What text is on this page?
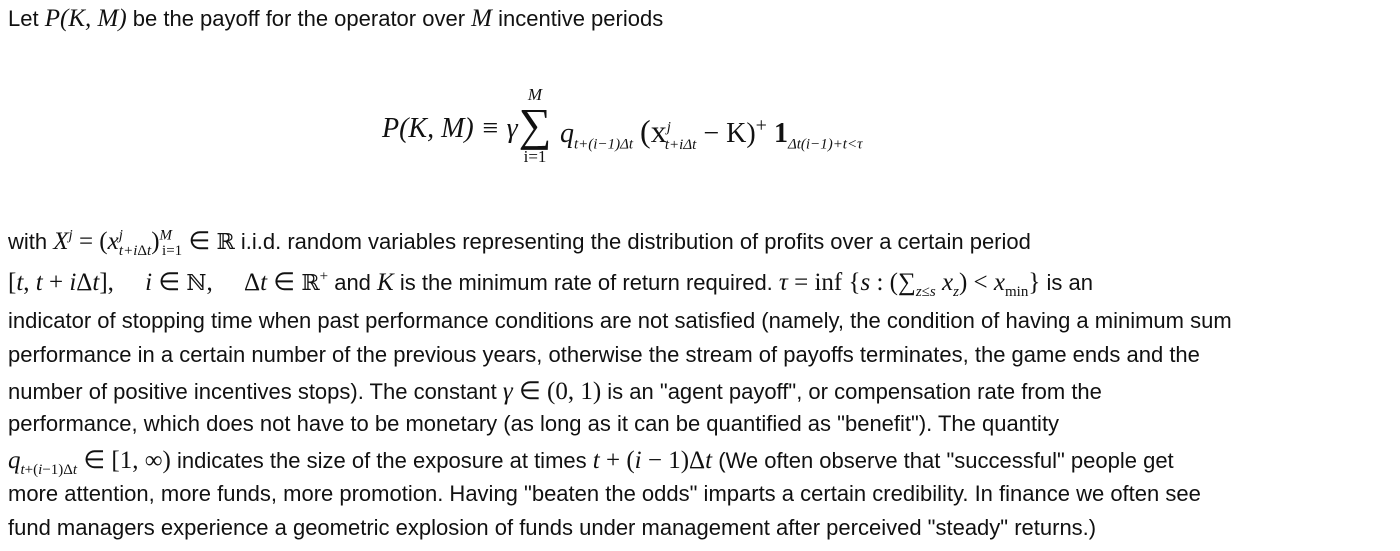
Let P(K, M) be the payoff for the operator over M incentive periods
P(K, M) ≡ γ
M
∑
i=1
$q_{t+(i-1)\Delta t}$ $(x^j_{t+i\Delta t} - K)^+$ $1_{\Delta t(i-1)+t<\tau}$
with $X^j = (x^j_{t+i\Delta t})^M_{i=1}$ ∈ ℝ i.i.d. random variables representing the distribution of profits over a certain period
[t, t + iΔt],     i ∈ ℕ,     Δt ∈ ℝ+ and K is the minimum rate of return required. τ = inf {s : ($\sum_{z\le s}$ $x_z) < x_{min}$} is an
indicator of stopping time when past performance conditions are not satisfied (namely, the condition of having a minimum sum
performance in a certain number of the previous years, otherwise the stream of payoffs terminates, the game ends and the
number of positive incentives stops). The constant γ ∈ (0, 1) is an "agent payoff", or compensation rate from the
performance, which does not have to be monetary (as long as it can be quantified as "benefit"). The quantity
$q_{t+(i-1)\Delta t}$ ∈ [1, ∞) indicates the size of the exposure at times t + (i − 1)Δt (We often observe that "successful" people get
more attention, more funds, more promotion. Having "beaten the odds" imparts a certain credibility. In finance we often see
fund managers experience a geometric explosion of funds under management after perceived "steady" returns.)
